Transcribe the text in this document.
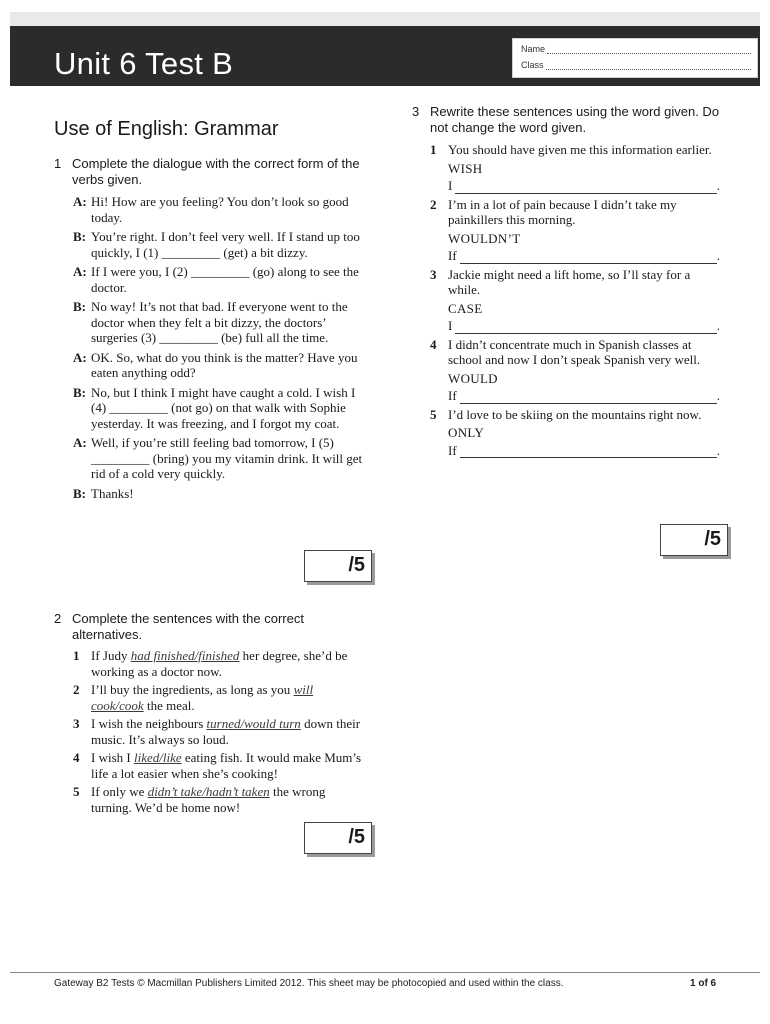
Unit 6 Test B	Name
Class
Use of English: Grammar
1 Complete the dialogue with the correct form of the verbs given.
A: Hi! How are you feeling? You don’t look so good today.
B: You’re right. I don’t feel very well. If I stand up too quickly, I (1) _________ (get) a bit dizzy.
A: If I were you, I (2) _________ (go) along to see the doctor.
B: No way! It’s not that bad. If everyone went to the doctor when they felt a bit dizzy, the doctors’ surgeries (3) _________ (be) full all the time.
A: OK. So, what do you think is the matter? Have you eaten anything odd?
B: No, but I think I might have caught a cold. I wish I (4) _________ (not go) on that walk with Sophie yesterday. It was freezing, and I forgot my coat.
A: Well, if you’re still feeling bad tomorrow, I (5) _________ (bring) you my vitamin drink. It will get rid of a cold very quickly.
B: Thanks!
/5
2 Complete the sentences with the correct alternatives.
1 If Judy had finished/finished her degree, she’d be working as a doctor now.
2 I’ll buy the ingredients, as long as you will cook/cook the meal.
3 I wish the neighbours turned/would turn down their music. It’s always so loud.
4 I wish I liked/like eating fish. It would make Mum’s life a lot easier when she’s cooking!
5 If only we didn’t take/hadn’t taken the wrong turning. We’d be home now!
/5
3 Rewrite these sentences using the word given. Do not change the word given.
1 You should have given me this information earlier.
WISH
I	.
2 I’m in a lot of pain because I didn’t take my painkillers this morning.
WOULDN’T
If	.
3 Jackie might need a lift home, so I’ll stay for a while.
CASE
I	.
4 I didn’t concentrate much in Spanish classes at school and now I don’t speak Spanish very well.
WOULD
If	.
5 I’d love to be skiing on the mountains right now.
ONLY
If	.
/5
Gateway B2 Tests © Macmillan Publishers Limited 2012. This sheet may be photocopied and used within the class.	1 of 6
